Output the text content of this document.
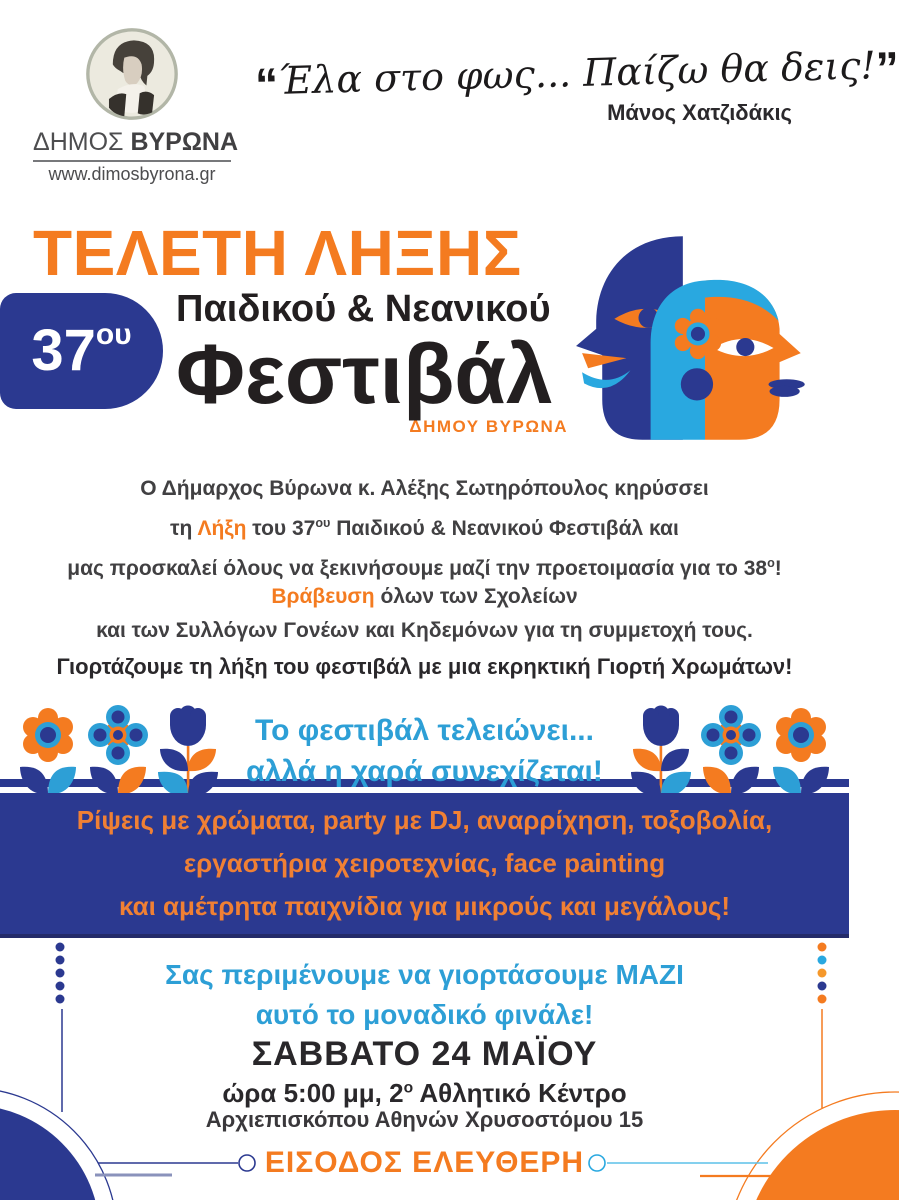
ΔΗΜΟΣ ΒΥΡΩΝΑ
www.dimosbyrona.gr
“Έλα στο φως... Παίζω θα δεις!”
Μάνος Χατζιδάκις
ΤΕΛΕΤΗ ΛΗΞΗΣ
37 ου
Παιδικού & Νεανικού
Φεστιβάλ
ΔΗΜΟΥ ΒΥΡΩΝΑ
Ο Δήμαρχος Βύρωνα κ. Αλέξης Σωτηρόπουλος κηρύσσει
τη Λήξη του $37^{o\upsilon}$ Παιδικού & Νεανικού Φεστιβάλ και
μας προσκαλεί όλους να ξεκινήσουμε μαζί την προετοιμασία για το $38^o$!
Βράβευση όλων των Σχολείων
και των Συλλόγων Γονέων και Κηδεμόνων για τη συμμετοχή τους.
Γιορτάζουμε τη λήξη του φεστιβάλ με μια εκρηκτική Γιορτή Χρωμάτων!
Το φεστιβάλ τελειώνει...
αλλά η χαρά συνεχίζεται!
Ρίψεις με χρώματα, party με DJ, αναρρίχηση, τοξοβολία,
εργαστήρια χειροτεχνίας, face painting
και αμέτρητα παιχνίδια για μικρούς και μεγάλους!
Σας περιμένουμε να γιορτάσουμε ΜΑΖΙ
αυτό το μοναδικό φινάλε!
ΣΑΒΒΑΤΟ 24 ΜΑΪΟΥ
ώρα 5:00 μμ, $2^o$ Αθλητικό Κέντρο
Αρχιεπισκόπου Αθηνών Χρυσοστόμου 15
ΕΙΣΟΔΟΣ ΕΛΕΥΘΕΡΗ
